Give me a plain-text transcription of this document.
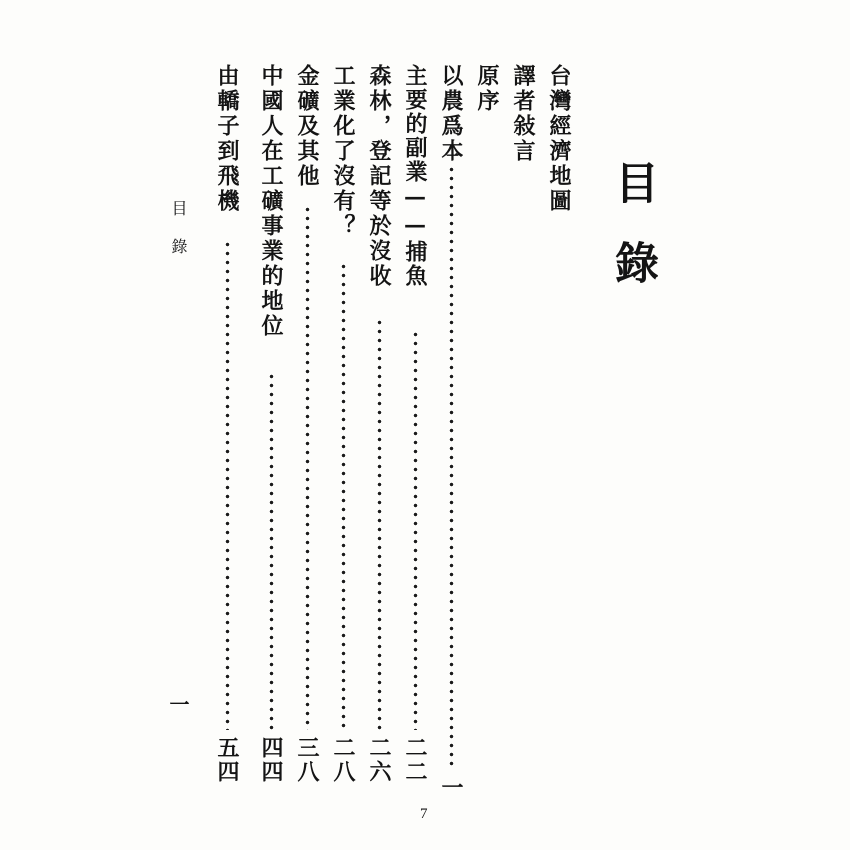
目錄
台灣經濟地圖
譯者敍言
原序
以農爲本
一
主要的副業——捕魚
二二
森林，登記等於沒收
二六
工業化了沒有？
二八
金礦及其他
三八
中國人在工礦事業的地位
四四
由轎子到飛機
五四
目錄
一
7
